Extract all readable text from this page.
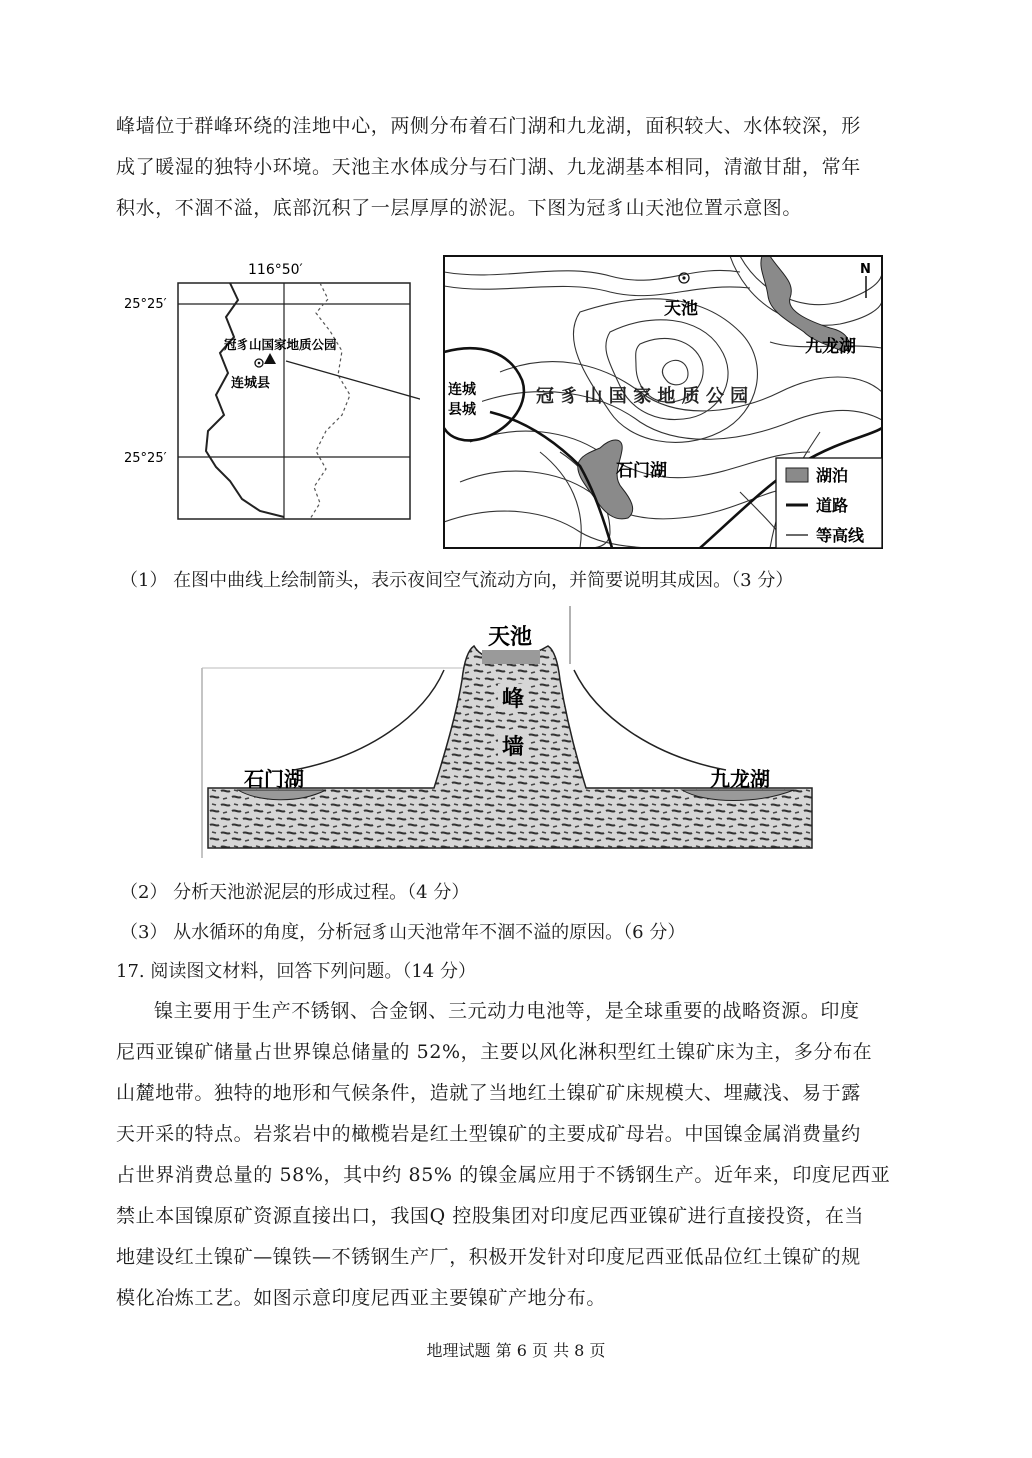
峰墙位于群峰环绕的洼地中心，两侧分布着石门湖和九龙湖，面积较大、水体较深，形

成了暖湿的独特小环境。天池主水体成分与石门湖、九龙湖基本相同，清澈甘甜，常年

积水，不涸不溢，底部沉积了一层厚厚的淤泥。下图为冠豸山天池位置示意图。

116°50′
25°25′
25°25′
冠豸山国家地质公园
连城县
天池
九龙湖
石门湖
冠 豸 山 国 家 地 质 公 园
连城
县城
N
湖泊
道路
等高线
（1） 在图中曲线上绘制箭头，表示夜间空气流动方向，并简要说明其成因。（3 分）
天池
峰
墙
石门湖	九龙湖
（2） 分析天池淤泥层的形成过程。（4 分）
（3） 从水循环的角度，分析冠豸山天池常年不涸不溢的原因。（6 分）
17. 阅读图文材料，回答下列问题。（14 分）

镍主要用于生产不锈钢、合金钢、三元动力电池等，是全球重要的战略资源。印度

尼西亚镍矿储量占世界镍总储量的 52%，主要以风化淋积型红土镍矿床为主，多分布在

山麓地带。独特的地形和气候条件，造就了当地红土镍矿矿床规模大、埋藏浅、易于露

天开采的特点。岩浆岩中的橄榄岩是红土型镍矿的主要成矿母岩。中国镍金属消费量约

占世界消费总量的 58%，其中约 85% 的镍金属应用于不锈钢生产。近年来，印度尼西亚

禁止本国镍原矿资源直接出口，我国Q 控股集团对印度尼西亚镍矿进行直接投资，在当

地建设红土镍矿—镍铁—不锈钢生产厂，积极开发针对印度尼西亚低品位红土镍矿的规

模化冶炼工艺。如图示意印度尼西亚主要镍矿产地分布。

地理试题 第 6 页 共 8 页
